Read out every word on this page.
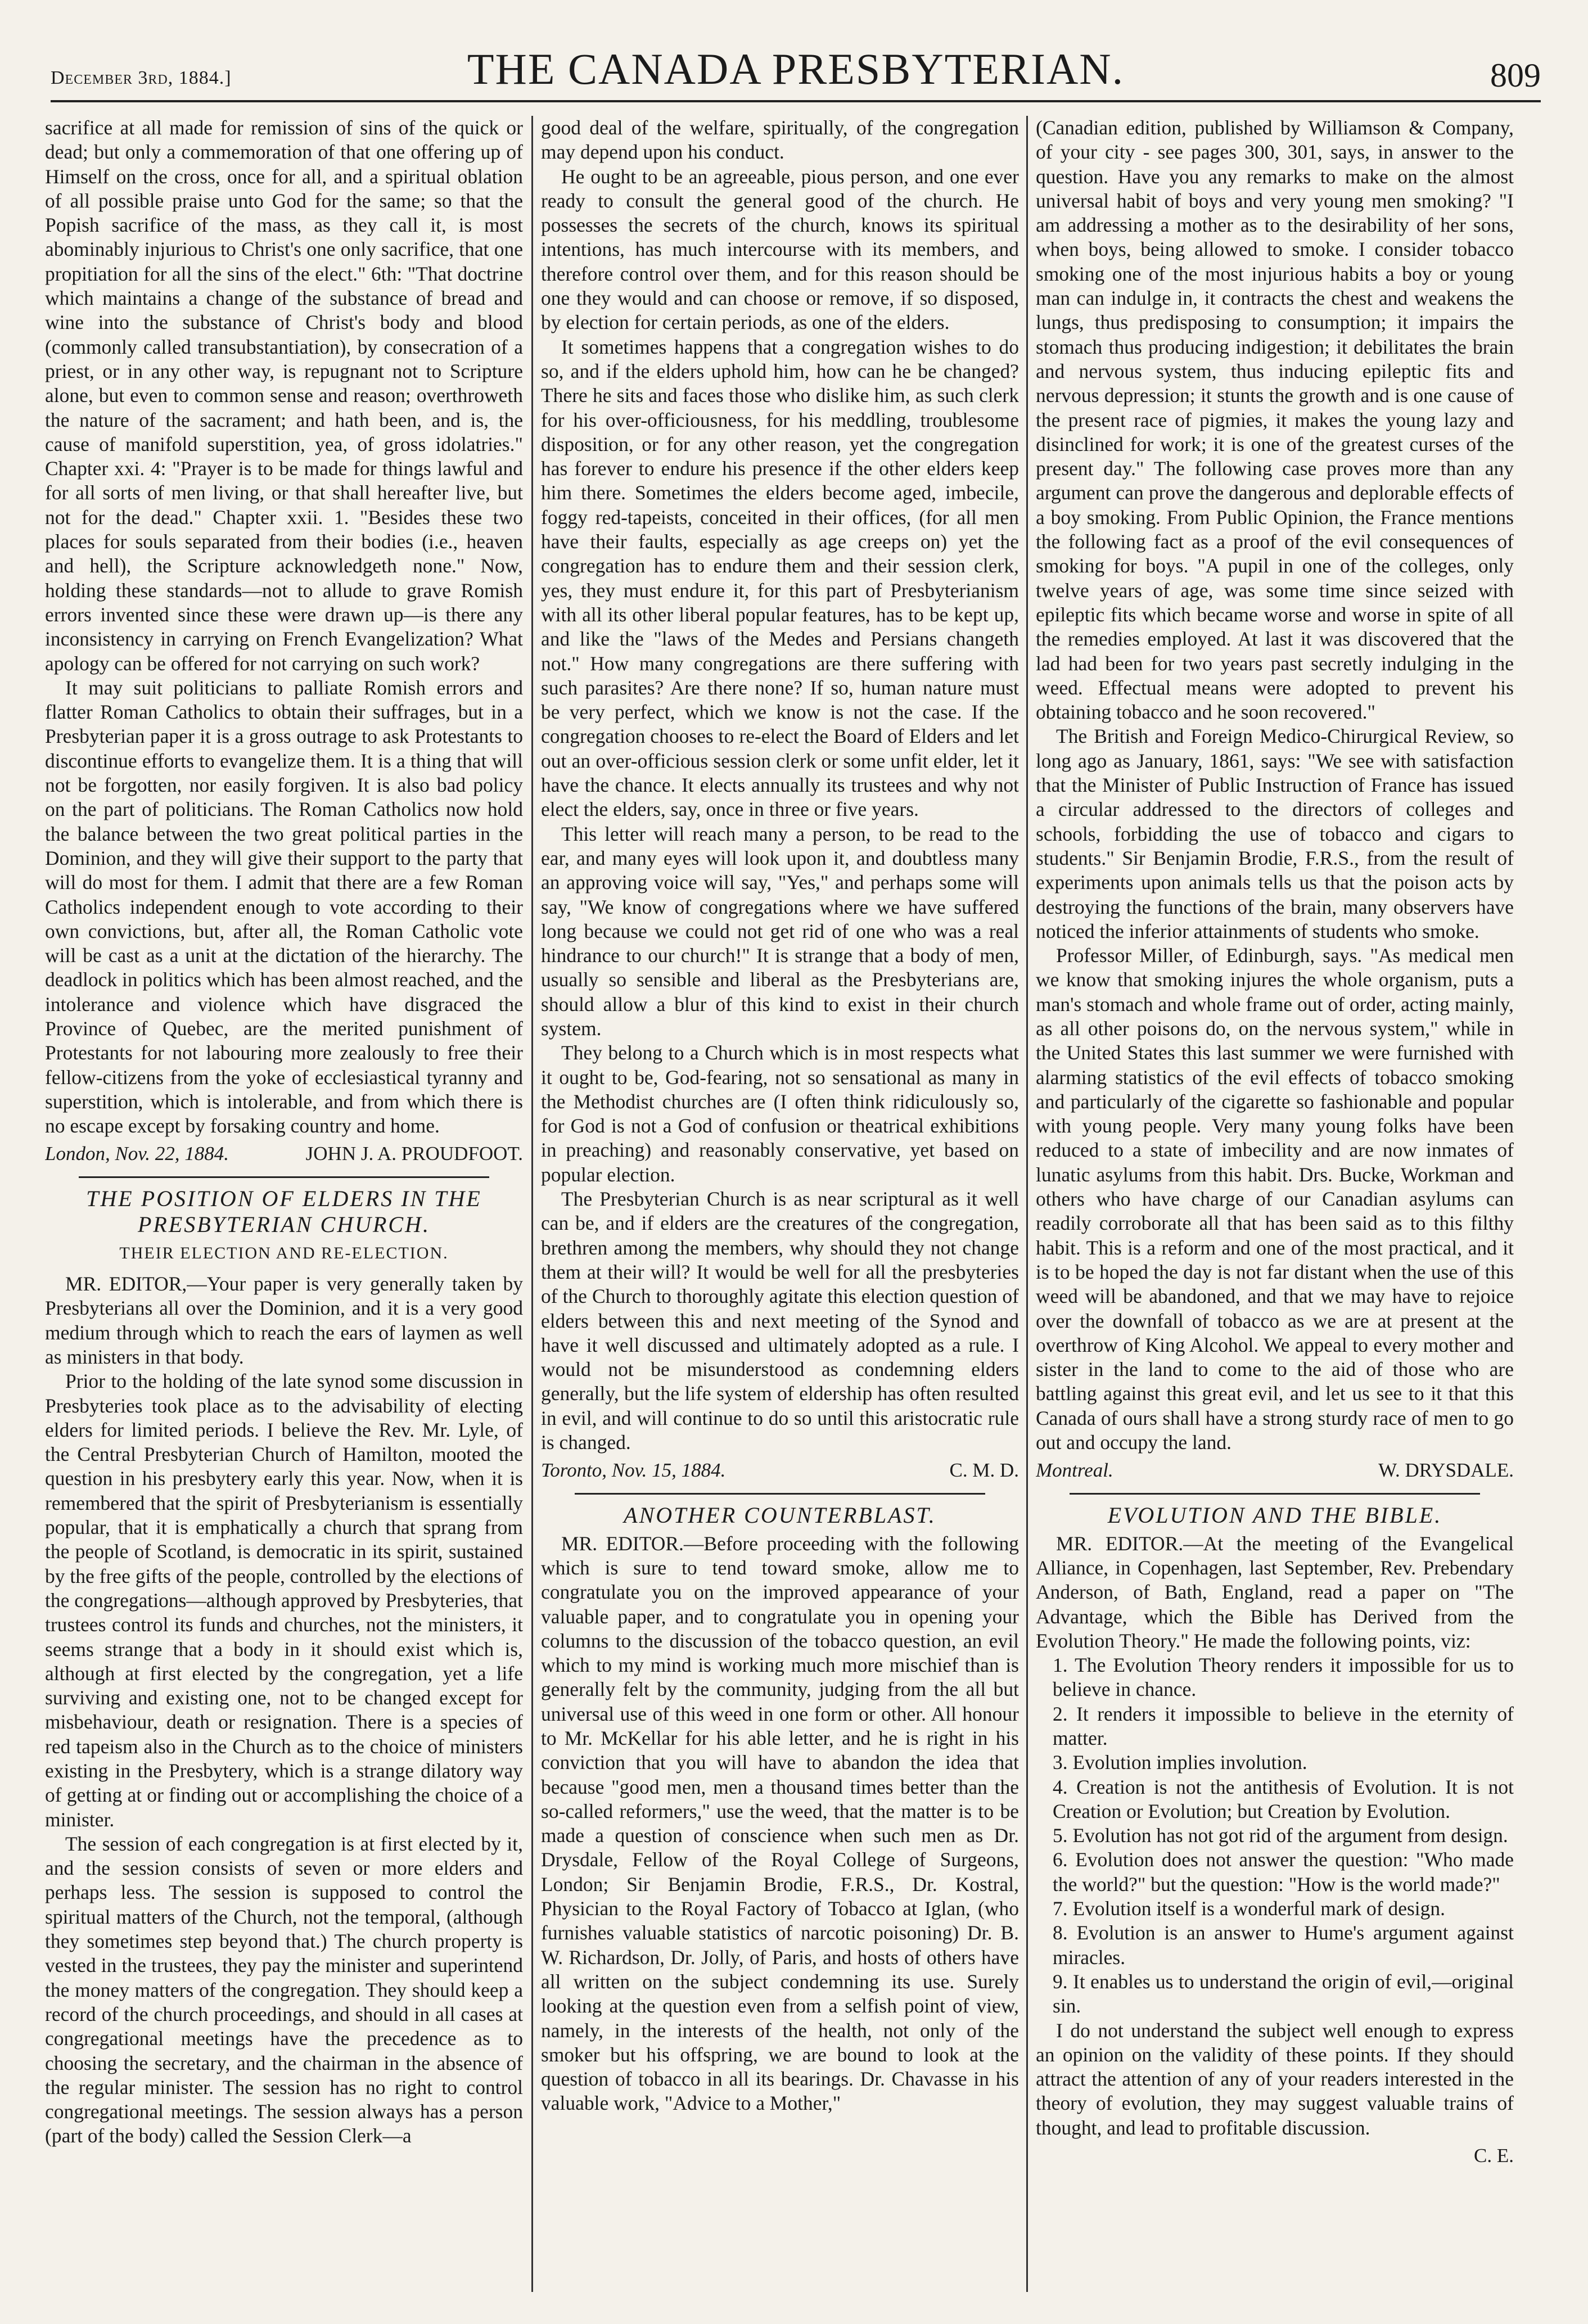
December 3rd, 1884.]	THE CANADA PRESBYTERIAN.	809

sacrifice at all made for remission of sins of the quick or dead; but only a commemoration of that one offering up of Himself on the cross, once for all, and a spiritual oblation of all possible praise unto God for the same; so that the Popish sacrifice of the mass, as they call it, is most abominably injurious to Christ's one only sacrifice, that one propitiation for all the sins of the elect." 6th: "That doctrine which maintains a change of the substance of bread and wine into the substance of Christ's body and blood (commonly called transubstantiation), by consecration of a priest, or in any other way, is repugnant not to Scripture alone, but even to common sense and reason; overthroweth the nature of the sacrament; and hath been, and is, the cause of manifold superstition, yea, of gross idolatries." Chapter xxi. 4: "Prayer is to be made for things lawful and for all sorts of men living, or that shall hereafter live, but not for the dead." Chapter xxii. 1. "Besides these two places for souls separated from their bodies (i.e., heaven and hell), the Scripture acknowledgeth none." Now, holding these standards—not to allude to grave Romish errors invented since these were drawn up—is there any inconsistency in carrying on French Evangelization? What apology can be offered for not carrying on such work?

It may suit politicians to palliate Romish errors and flatter Roman Catholics to obtain their suffrages, but in a Presbyterian paper it is a gross outrage to ask Protestants to discontinue efforts to evangelize them. It is a thing that will not be forgotten, nor easily forgiven. It is also bad policy on the part of politicians. The Roman Catholics now hold the balance between the two great political parties in the Dominion, and they will give their support to the party that will do most for them. I admit that there are a few Roman Catholics independent enough to vote according to their own convictions, but, after all, the Roman Catholic vote will be cast as a unit at the dictation of the hierarchy. The deadlock in politics which has been almost reached, and the intolerance and violence which have disgraced the Province of Quebec, are the merited punishment of Protestants for not labouring more zealously to free their fellow-citizens from the yoke of ecclesiastical tyranny and superstition, which is intolerable, and from which there is no escape except by forsaking country and home.

London, Nov. 22, 1884.	JOHN J. A. PROUDFOOT.
THE POSITION OF ELDERS IN THE PRESBYTERIAN CHURCH.
THEIR ELECTION AND RE-ELECTION.

MR. EDITOR,—Your paper is very generally taken by Presbyterians all over the Dominion, and it is a very good medium through which to reach the ears of laymen as well as ministers in that body.

Prior to the holding of the late synod some discussion in Presbyteries took place as to the advisability of electing elders for limited periods. I believe the Rev. Mr. Lyle, of the Central Presbyterian Church of Hamilton, mooted the question in his presbytery early this year. Now, when it is remembered that the spirit of Presbyterianism is essentially popular, that it is emphatically a church that sprang from the people of Scotland, is democratic in its spirit, sustained by the free gifts of the people, controlled by the elections of the congregations—although approved by Presbyteries, that trustees control its funds and churches, not the ministers, it seems strange that a body in it should exist which is, although at first elected by the congregation, yet a life surviving and existing one, not to be changed except for misbehaviour, death or resignation. There is a species of red tapeism also in the Church as to the choice of ministers existing in the Presbytery, which is a strange dilatory way of getting at or finding out or accomplishing the choice of a minister.

The session of each congregation is at first elected by it, and the session consists of seven or more elders and perhaps less. The session is supposed to control the spiritual matters of the Church, not the temporal, (although they sometimes step beyond that.) The church property is vested in the trustees, they pay the minister and superintend the money matters of the congregation. They should keep a record of the church proceedings, and should in all cases at congregational meetings have the precedence as to choosing the secretary, and the chairman in the absence of the regular minister. The session has no right to control congregational meetings. The session always has a person (part of the body) called the Session Clerk—a

good deal of the welfare, spiritually, of the congregation may depend upon his conduct.

He ought to be an agreeable, pious person, and one ever ready to consult the general good of the church. He possesses the secrets of the church, knows its spiritual intentions, has much intercourse with its members, and therefore control over them, and for this reason should be one they would and can choose or remove, if so disposed, by election for certain periods, as one of the elders.

It sometimes happens that a congregation wishes to do so, and if the elders uphold him, how can he be changed? There he sits and faces those who dislike him, as such clerk for his over-officiousness, for his meddling, troublesome disposition, or for any other reason, yet the congregation has forever to endure his presence if the other elders keep him there. Sometimes the elders become aged, imbecile, foggy red-tapeists, conceited in their offices, (for all men have their faults, especially as age creeps on) yet the congregation has to endure them and their session clerk, yes, they must endure it, for this part of Presbyterianism with all its other liberal popular features, has to be kept up, and like the "laws of the Medes and Persians changeth not." How many congregations are there suffering with such parasites? Are there none? If so, human nature must be very perfect, which we know is not the case. If the congregation chooses to re-elect the Board of Elders and let out an over-officious session clerk or some unfit elder, let it have the chance. It elects annually its trustees and why not elect the elders, say, once in three or five years.

This letter will reach many a person, to be read to the ear, and many eyes will look upon it, and doubtless many an approving voice will say, "Yes," and perhaps some will say, "We know of congregations where we have suffered long because we could not get rid of one who was a real hindrance to our church!" It is strange that a body of men, usually so sensible and liberal as the Presbyterians are, should allow a blur of this kind to exist in their church system.

They belong to a Church which is in most respects what it ought to be, God-fearing, not so sensational as many in the Methodist churches are (I often think ridiculously so, for God is not a God of confusion or theatrical exhibitions in preaching) and reasonably conservative, yet based on popular election.

The Presbyterian Church is as near scriptural as it well can be, and if elders are the creatures of the congregation, brethren among the members, why should they not change them at their will? It would be well for all the presbyteries of the Church to thoroughly agitate this election question of elders between this and next meeting of the Synod and have it well discussed and ultimately adopted as a rule. I would not be misunderstood as condemning elders generally, but the life system of eldership has often resulted in evil, and will continue to do so until this aristocratic rule is changed.

C. M. D.
Toronto, Nov. 15, 1884.
ANOTHER COUNTERBLAST.

MR. EDITOR.—Before proceeding with the following which is sure to tend toward smoke, allow me to congratulate you on the improved appearance of your valuable paper, and to congratulate you in opening your columns to the discussion of the tobacco question, an evil which to my mind is working much more mischief than is generally felt by the community, judging from the all but universal use of this weed in one form or other. All honour to Mr. McKellar for his able letter, and he is right in his conviction that you will have to abandon the idea that because "good men, men a thousand times better than the so-called reformers," use the weed, that the matter is to be made a question of conscience when such men as Dr. Drysdale, Fellow of the Royal College of Surgeons, London; Sir Benjamin Brodie, F.R.S., Dr. Kostral, Physician to the Royal Factory of Tobacco at Iglan, (who furnishes valuable statistics of narcotic poisoning) Dr. B. W. Richardson, Dr. Jolly, of Paris, and hosts of others have all written on the subject condemning its use. Surely looking at the question even from a selfish point of view, namely, in the interests of the health, not only of the smoker but his offspring, we are bound to look at the question of tobacco in all its bearings. Dr. Chavasse in his valuable work, "Advice to a Mother,"

(Canadian edition, published by Williamson & Company, of your city - see pages 300, 301, says, in answer to the question. Have you any remarks to make on the almost universal habit of boys and very young men smoking? "I am addressing a mother as to the desirability of her sons, when boys, being allowed to smoke. I consider tobacco smoking one of the most injurious habits a boy or young man can indulge in, it contracts the chest and weakens the lungs, thus predisposing to consumption; it impairs the stomach thus producing indigestion; it debilitates the brain and nervous system, thus inducing epileptic fits and nervous depression; it stunts the growth and is one cause of the present race of pigmies, it makes the young lazy and disinclined for work; it is one of the greatest curses of the present day." The following case proves more than any argument can prove the dangerous and deplorable effects of a boy smoking. From Public Opinion, the France mentions the following fact as a proof of the evil consequences of smoking for boys. "A pupil in one of the colleges, only twelve years of age, was some time since seized with epileptic fits which became worse and worse in spite of all the remedies employed. At last it was discovered that the lad had been for two years past secretly indulging in the weed. Effectual means were adopted to prevent his obtaining tobacco and he soon recovered."

The British and Foreign Medico-Chirurgical Review, so long ago as January, 1861, says: "We see with satisfaction that the Minister of Public Instruction of France has issued a circular addressed to the directors of colleges and schools, forbidding the use of tobacco and cigars to students." Sir Benjamin Brodie, F.R.S., from the result of experiments upon animals tells us that the poison acts by destroying the functions of the brain, many observers have noticed the inferior attainments of students who smoke.

Professor Miller, of Edinburgh, says. "As medical men we know that smoking injures the whole organism, puts a man's stomach and whole frame out of order, acting mainly, as all other poisons do, on the nervous system," while in the United States this last summer we were furnished with alarming statistics of the evil effects of tobacco smoking and particularly of the cigarette so fashionable and popular with young people. Very many young folks have been reduced to a state of imbecility and are now inmates of lunatic asylums from this habit. Drs. Bucke, Workman and others who have charge of our Canadian asylums can readily corroborate all that has been said as to this filthy habit. This is a reform and one of the most practical, and it is to be hoped the day is not far distant when the use of this weed will be abandoned, and that we may have to rejoice over the downfall of tobacco as we are at present at the overthrow of King Alcohol. We appeal to every mother and sister in the land to come to the aid of those who are battling against this great evil, and let us see to it that this Canada of ours shall have a strong sturdy race of men to go out and occupy the land.

Montreal.	W. DRYSDALE.
EVOLUTION AND THE BIBLE.

MR. EDITOR.—At the meeting of the Evangelical Alliance, in Copenhagen, last September, Rev. Prebendary Anderson, of Bath, England, read a paper on "The Advantage, which the Bible has Derived from the Evolution Theory." He made the following points, viz:

1. The Evolution Theory renders it impossible for us to believe in chance.

2. It renders it impossible to believe in the eternity of matter.

3. Evolution implies involution.

4. Creation is not the antithesis of Evolution. It is not Creation or Evolution; but Creation by Evolution.

5. Evolution has not got rid of the argument from design.

6. Evolution does not answer the question: "Who made the world?" but the question: "How is the world made?"

7. Evolution itself is a wonderful mark of design.

8. Evolution is an answer to Hume's argument against miracles.

9. It enables us to understand the origin of evil,—original sin.

I do not understand the subject well enough to express an opinion on the validity of these points. If they should attract the attention of any of your readers interested in the theory of evolution, they may suggest valuable trains of thought, and lead to profitable discussion.

C. E.
